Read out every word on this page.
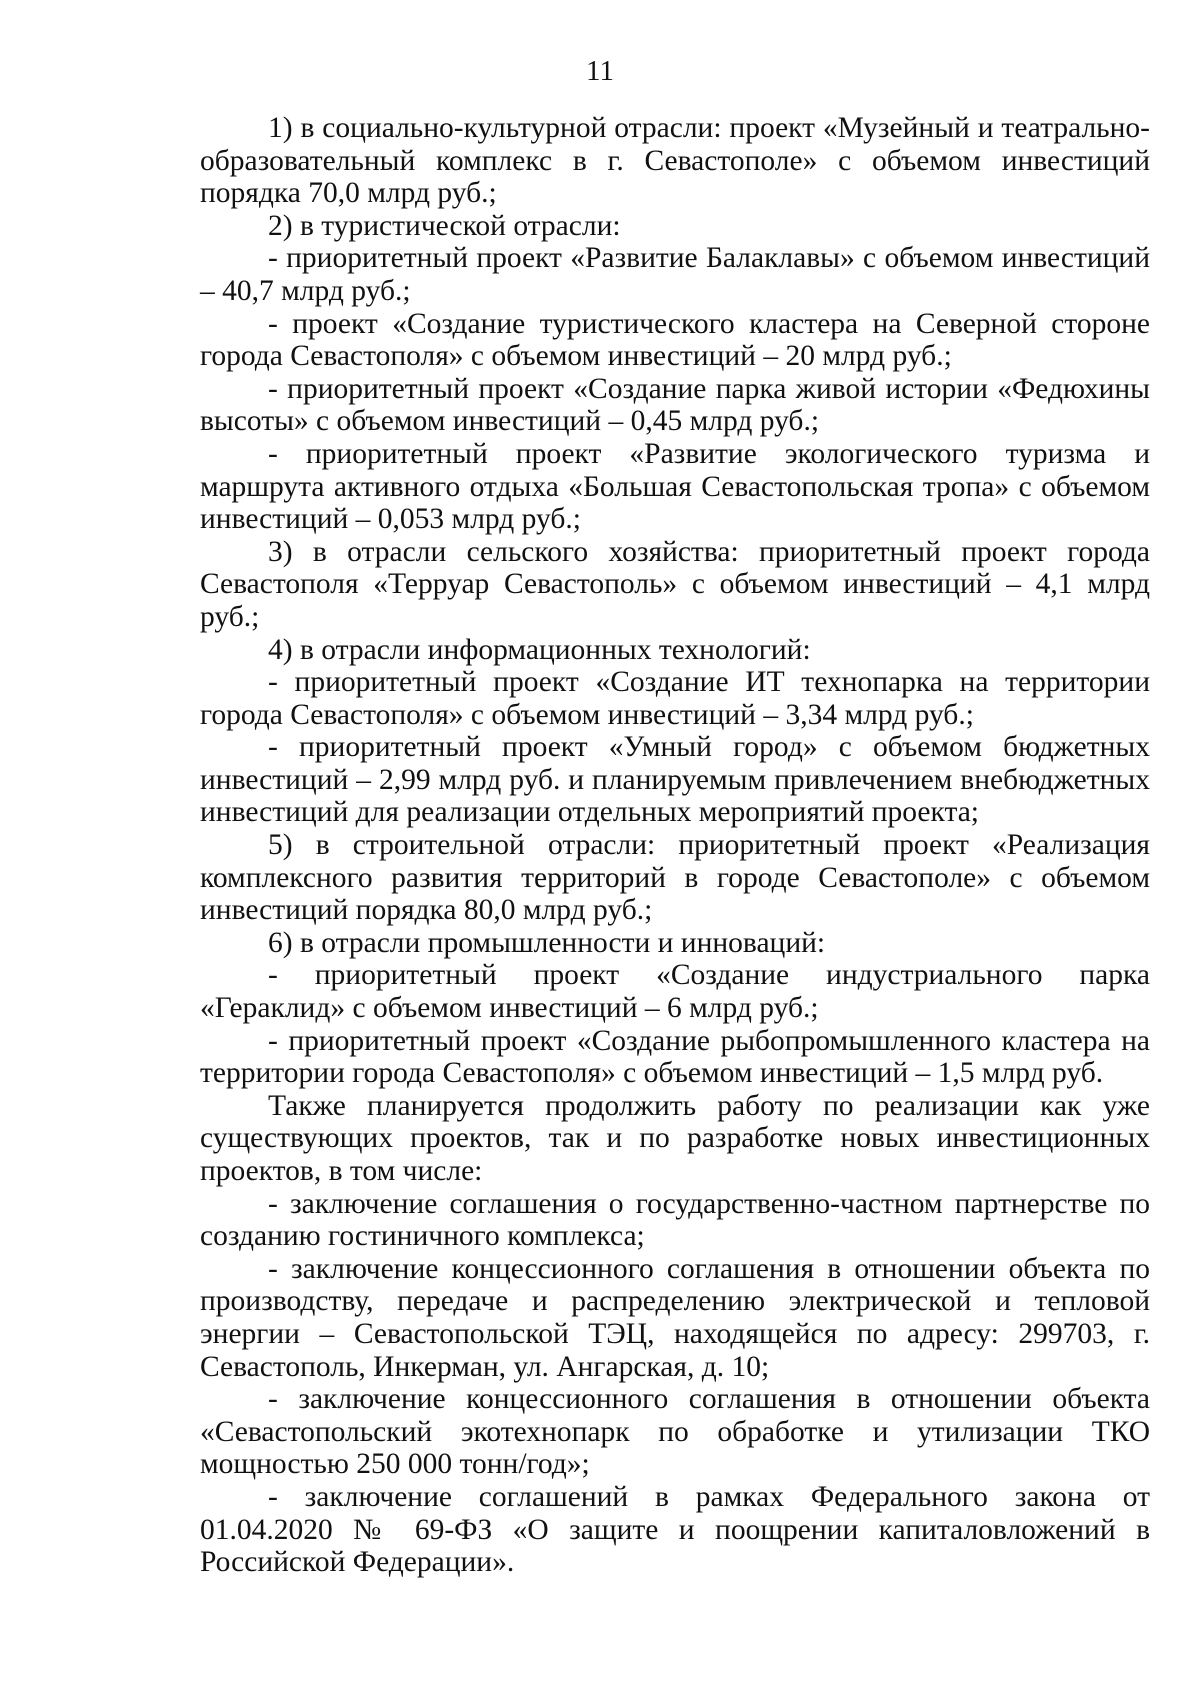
11

1) в социально-культурной отрасли: проект «Музейный и театрально-образовательный комплекс в г. Севастополе» с объемом инвестиций порядка 70,0 млрд руб.;

2) в туристической отрасли:

- приоритетный проект «Развитие Балаклавы» с объемом инвестиций – 40,7 млрд руб.;

- проект «Создание туристического кластера на Северной стороне города Севастополя» с объемом инвестиций – 20 млрд руб.;

- приоритетный проект «Создание парка живой истории «Федюхины высоты» с объемом инвестиций – 0,45 млрд руб.;

- приоритетный проект «Развитие экологического туризма и маршрута активного отдыха «Большая Севастопольская тропа» с объемом инвестиций – 0,053 млрд руб.;

3) в отрасли сельского хозяйства: приоритетный проект города Севастополя «Терруар Севастополь» с объемом инвестиций – 4,1 млрд руб.;

4) в отрасли информационных технологий:

- приоритетный проект «Создание ИТ технопарка на территории города Севастополя» с объемом инвестиций – 3,34 млрд руб.;

- приоритетный проект «Умный город» с объемом бюджетных инвестиций – 2,99 млрд руб. и планируемым привлечением внебюджетных инвестиций для реализации отдельных мероприятий проекта;

5) в строительной отрасли: приоритетный проект «Реализация комплексного развития территорий в городе Севастополе» с объемом инвестиций порядка 80,0 млрд руб.;

6) в отрасли промышленности и инноваций:

- приоритетный проект «Создание индустриального парка «Гераклид» с объемом инвестиций – 6 млрд руб.;

- приоритетный проект «Создание рыбопромышленного кластера на территории города Севастополя» с объемом инвестиций – 1,5 млрд руб.

Также планируется продолжить работу по реализации как уже существующих проектов, так и по разработке новых инвестиционных проектов, в том числе:

- заключение соглашения о государственно-частном партнерстве по созданию гостиничного комплекса;

- заключение концессионного соглашения в отношении объекта по производству, передаче и распределению электрической и тепловой энергии – Севастопольской ТЭЦ, находящейся по адресу: 299703, г. Севастополь, Инкерман, ул. Ангарская, д. 10;

- заключение концессионного соглашения в отношении объекта «Севастопольский экотехнопарк по обработке и утилизации ТКО мощностью 250 000 тонн/год»;

- заключение соглашений в рамках Федерального закона от 01.04.2020 № 69-ФЗ «О защите и поощрении капиталовложений в Российской Федерации».
